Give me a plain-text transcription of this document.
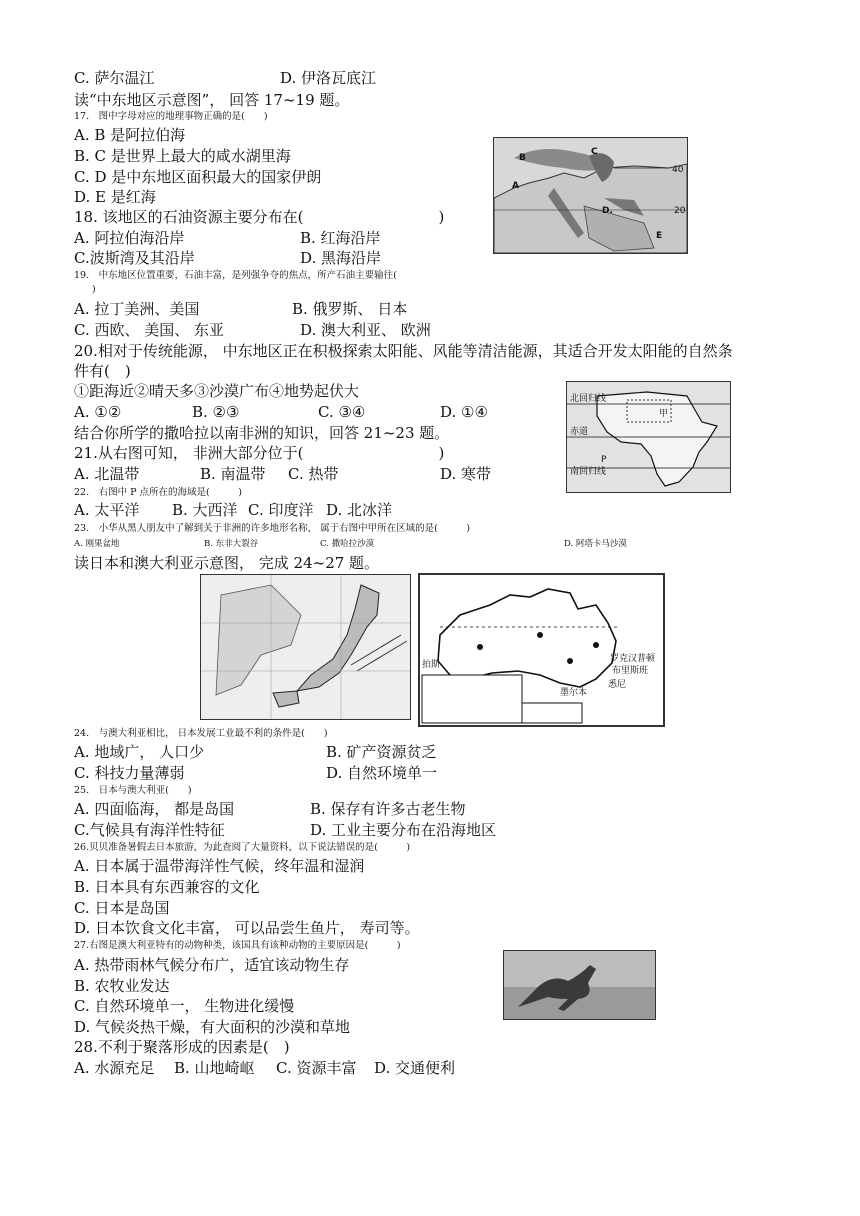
C. 萨尔温江	D. 伊洛瓦底江
读“中东地区示意图”， 回答 17~19 题。
17.　图中字母对应的地理事物正确的是(　　)
A. B 是阿拉伯海
B. C 是世界上最大的咸水湖里海
C. D 是中东地区面积最大的国家伊朗
D. E 是红海
18. 该地区的石油资源主要分布在(　　　　　　　　　)
A. 阿拉伯海沿岸	B. 红海沿岸
C.波斯湾及其沿岸	D. 黑海沿岸
19.　中东地区位置重要，石油丰富，是列强争夺的焦点，所产石油主要输往(
)
A. 拉丁美洲、美国	B. 俄罗斯、 日本
C. 西欧、 美国、 东亚	D. 澳大利亚、 欧洲
20.相对于传统能源， 中东地区正在积极探索太阳能、风能等清洁能源，其适合开发太阳能的自然条
件有(　)
①距海近②晴天多③沙漠广布④地势起伏大
A. ①②	B. ②③	C. ③④	D. ①④
结合你所学的撒哈拉以南非洲的知识，回答 21~23 题。
21.从右图可知， 非洲大部分位于(　　　　　　　　　)
A. 北温带	B. 南温带 C. 热带	D. 寒带
22.　右图中 P 点所在的海域是(　　　)
A. 太平洋 B. 大西洋 C. 印度洋 D. 北冰洋
23.　小华从黑人朋友中了解到关于非洲的许多地形名称， 属于右图中甲所在区域的是(　　　)
A. 刚果盆地	B. 东非大裂谷	C. 撒哈拉沙漠	D. 阿塔卡马沙漠
读日本和澳大利亚示意图， 完成 24~27 题。
24.　与澳大利亚相比， 日本发展工业最不利的条件是(　　)
A. 地域广， 人口少	B. 矿产资源贫乏
C. 科技力量薄弱	D. 自然环境单一
25.　日本与澳大利亚(　　)
A. 四面临海， 都是岛国	B. 保存有许多古老生物
C.气候具有海洋性特征	D. 工业主要分布在沿海地区
26.贝贝准备暑假去日本旅游，为此查阅了大量资料，以下说法错误的是(　　　)
A. 日本属于温带海洋性气候，终年温和湿润
B. 日本具有东西兼容的文化
C. 日本是岛国
D. 日本饮食文化丰富， 可以品尝生鱼片， 寿司等。
27.右图是澳大利亚特有的动物种类，该国具有该种动物的主要原因是(　　　)
A. 热带雨林气候分布广，适宜该动物生存
B. 农牧业发达
C. 自然环境单一， 生物进化缓慢
D. 气候炎热干燥，有大面积的沙漠和草地
28.不利于聚落形成的因素是(　)
A. 水源充足 B. 山地崎岖 C. 资源丰富 D. 交通便利
B
C
A
D.
E
40
20
北回归线
甲
赤道
P
南回归线
拍斯
罗克汉普顿
布里斯班
墨尔本
悉尼
